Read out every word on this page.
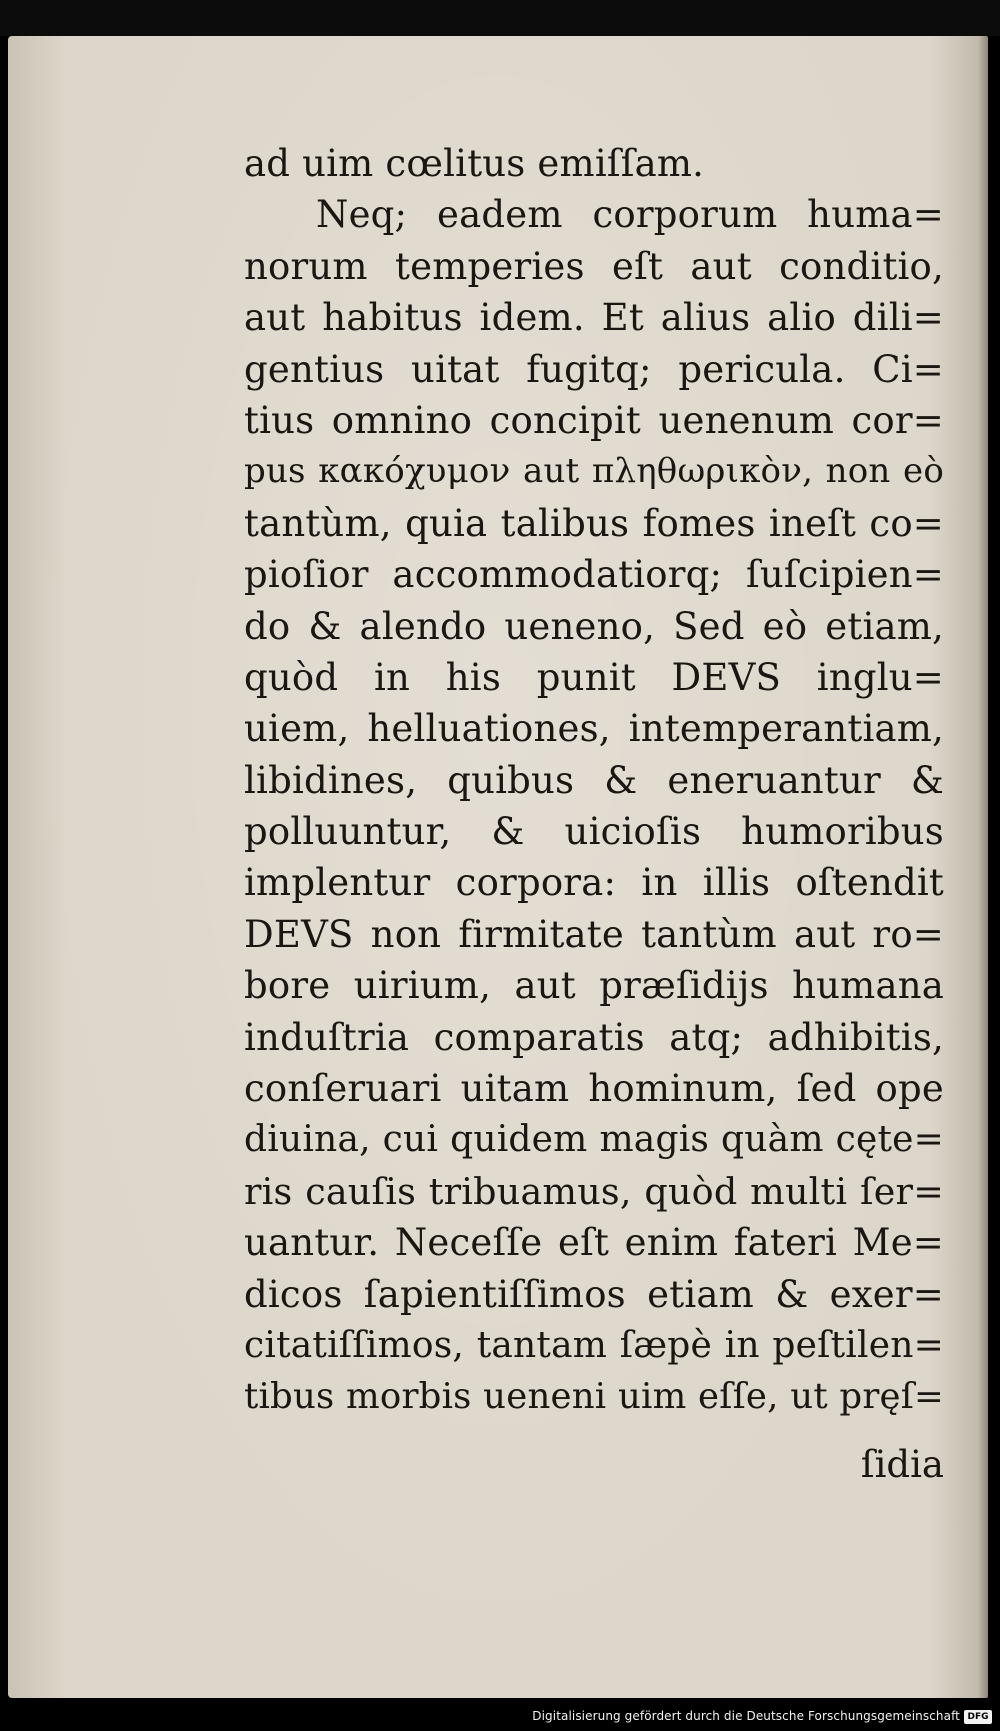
ad uim cœlitus emiſſam.
Neq; eadem corporum huma=
norum temperies eſt aut conditio,
aut habitus idem. Et alius alio dili=
gentius uitat fugitq; pericula. Ci=
tius omnino concipit uenenum cor=
pus κακόχυμον aut πληθωρικὸν, non eò
tantùm, quia talibus fomes ineſt co=
pioſior accommodatiorq; ſuſcipien=
do & alendo ueneno, Sed eò etiam,
quòd in his punit DEVS inglu=
uiem, helluationes, intemperantiam,
libidines, quibus & eneruantur &
polluuntur, & uicioſis humoribus
implentur corpora: in illis oſtendit
DEVS non firmitate tantùm aut ro=
bore uirium, aut præſidijs humana
induſtria comparatis atq; adhibitis,
conſeruari uitam hominum, ſed ope
diuina, cui quidem magis quàm cęte=
ris cauſis tribuamus, quòd multi ſer=
uantur. Neceſſe eſt enim fateri Me=
dicos ſapientiſſimos etiam & exer=
citatiſſimos, tantam ſæpè in peſtilen=
tibus morbis ueneni uim eſſe, ut pręſ=
ſidia
Digitalisierung gefördert durch die Deutsche Forschungsgemeinschaft DFG
